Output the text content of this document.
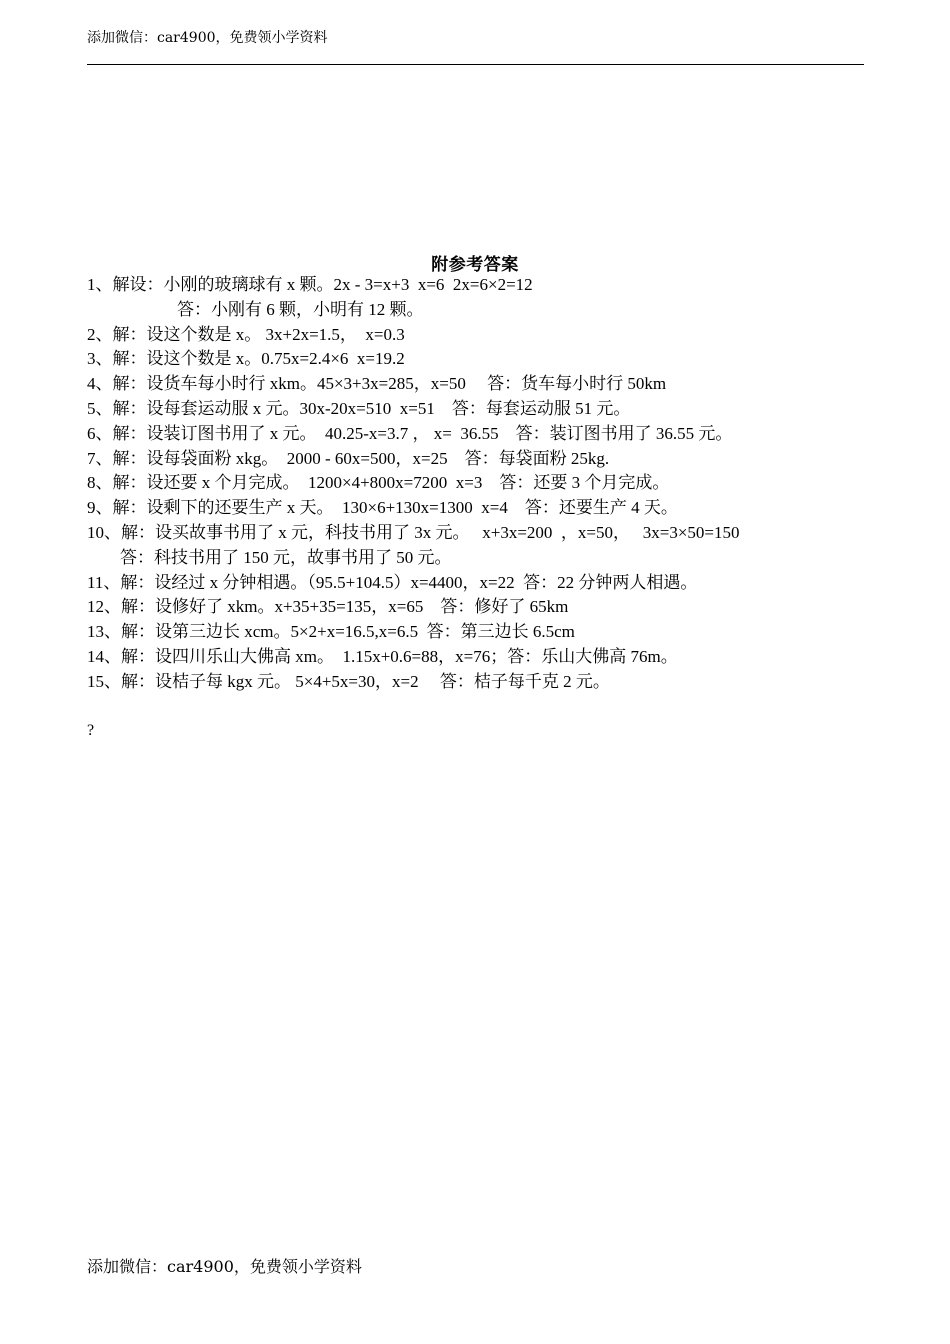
添加微信：car4900，免费领小学资料
附参考答案
1、解设：小刚的玻璃球有 x 颗。2x - 3=x+3  x=6  2x=6×2=12
答：小刚有 6 颗，小明有 12 颗。
2、解：设这个数是 x。 3x+2x=1.5，  x=0.3
3、解：设这个数是 x。0.75x=2.4×6  x=19.2
4、解：设货车每小时行 xkm。45×3+3x=285，x=50     答：货车每小时行 50km
5、解：设每套运动服 x 元。30x-20x=510  x=51    答：每套运动服 51 元。
6、解：设装订图书用了 x 元。  40.25-x=3.7 ， x=  36.55    答：装订图书用了 36.55 元。
7、解：设每袋面粉 xkg。  2000 - 60x=500，x=25    答：每袋面粉 25kg.
8、解：设还要 x 个月完成。  1200×4+800x=7200  x=3    答：还要 3 个月完成。
9、解：设剩下的还要生产 x 天。  130×6+130x=1300  x=4    答：还要生产 4 天。
10、解：设买故事书用了 x 元，科技书用了 3x 元。   x+3x=200  ，x=50，   3x=3×50=150
答：科技书用了 150 元，故事书用了 50 元。
11、解：设经过 x 分钟相遇。（95.5+104.5）x=4400，x=22  答：22 分钟两人相遇。
12、解：设修好了 xkm。x+35+35=135，x=65    答：修好了 65km
13、解：设第三边长 xcm。5×2+x=16.5,x=6.5  答：第三边长 6.5cm
14、解：设四川乐山大佛高 xm。  1.15x+0.6=88，x=76；答：乐山大佛高 76m。
15、解：设桔子每 kgx 元。 5×4+5x=30，x=2     答：桔子每千克 2 元。
?
添加微信：car4900，免费领小学资料
